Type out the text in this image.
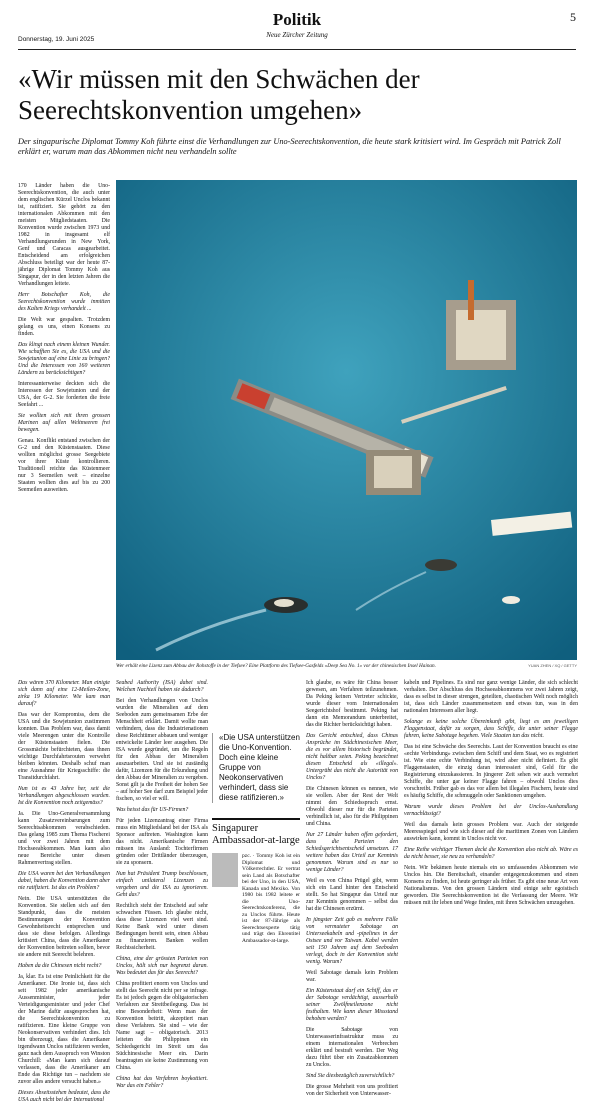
Donnerstag, 19. Juni 2025
Politik
Neue Zürcher Zeitung
5
«Wir müssen mit den Schwächen der Seerechtskonvention umgehen»
Der singapurische Diplomat Tommy Koh führte einst die Verhandlungen zur Uno-Seerechtskonvention, die heute stark kritisiert wird. Im Gespräch mit Patrick Zoll erklärt er, warum man das Abkommen nicht neu verhandeln sollte

170 Länder haben die Uno-Seerechtskonvention, die auch unter dem englischen Kürzel Unclos bekannt ist, ratifiziert. Sie gehört zu den internationalen Abkommen mit den meisten Mitgliedstaaten. Die Konvention wurde zwischen 1973 und 1982 in insgesamt elf Verhandlungsrunden in New York, Genf und Caracas ausgearbeitet. Entscheidend am erfolgreichen Abschluss beteiligt war der heute 87-jährige Diplomat Tommy Koh aus Singapur, der in den letzten Jahren die Verhandlungen leitete.

Herr Botschafter Koh, die Seerechtskonvention wurde inmitten des Kalten Kriegs verhandelt ...

Die Welt war gespalten. Trotzdem gelang es uns, einen Konsens zu finden.

Das klingt nach einem kleinen Wunder. Wie schafften Sie es, die USA und die Sowjetunion auf eine Linie zu bringen? Und die Interessen von 160 weiteren Ländern zu berücksichtigen?

Interessanterweise deckten sich die Interessen der Sowjetunion und der USA, der G-2. Sie forderten die freie Seefahrt ...

Sie wollten sich mit ihren grossen Marinen auf allen Weltmeeren frei bewegen.

Genau. Konflikt entstand zwischen der G-2 und den Küstenstaaten. Diese wollten möglichst grosse Seegebiete vor ihrer Küste kontrollieren. Traditionell reichte das Küstenmeer nur 3 Seemeilen weit – einzelne Staaten wollten dies auf bis zu 200 Seemeilen ausweiten.

Wer erhält eine Lizenz zum Abbau der Rohstoffe in der Tiefsee? Eine Plattform des Tiefsee-Gasfelds «Deep Sea No. 1» vor der chinesischen Insel Hainan.	YUAN ZHEN / XQ / GETTY

Das wären 370 Kilometer. Man einigte sich dann auf eine 12-Meilen-Zone, zirka 19 Kilometer. Wie kam man darauf?

Das war der Kompromiss, dem die USA und die Sowjetunion zustimmen konnten. Das Problem war, dass damit viele Meerengen unter die Kontrolle der Küstenstaaten fielen. Die Grossmächte befürchteten, dass ihnen wichtige Durchfahrtsrouten verwehrt bleiben könnten. Deshalb schuf man eine Ausnahme für Kriegsschiffe: die Transitdurchfahrt.

Nun ist es 43 Jahre her, seit die Verhandlungen abgeschlossen wurden. Ist die Konvention noch zeitgemäss?

Ja. Die Uno-Generalversammlung kann Zusatzvereinbarungen zum Seerechtsabkommen verabschieden. Das gelang 1985 zum Thema Fischerei und vor zwei Jahren mit dem Hochseeabkommen. Man kann also neue Bereiche unter diesen Rahmenvertrag stellen.

Die USA waren bei den Verhandlungen dabei, haben die Konvention dann aber nie ratifiziert. Ist das ein Problem?

Nein. Die USA unterstützten die Konvention. Sie stellen sich auf den Standpunkt, dass die meisten Bestimmungen der Konvention Gewohnheitsrecht entsprechen und dass sie diese befolgen. Allerdings kritisiert China, dass die Amerikaner der Konvention beitreten sollten, bevor sie andere mit Seerecht belehren.

Haben da die Chinesen nicht recht?

Ja, klar. Es ist eine Peinlichkeit für die Amerikaner. Die Ironie ist, dass sich seit 1982 jeder amerikanische Aussenminister, jeder Verteidigungsminister und jeder Chef der Marine dafür ausgesprochen hat, die Seerechtskonvention zu ratifizieren. Eine kleine Gruppe von Neokonservativen verhindert dies. Ich bin überzeugt, dass die Amerikaner irgendwann Unclos ratifizieren werden, ganz nach dem Ausspruch von Winston Churchill: «Man kann sich darauf verlassen, dass die Amerikaner am Ende das Richtige tun – nachdem sie zuvor alles andere versucht haben.»

Dieses Abseitsstehen bedeutet, dass die USA auch nicht bei der International

Seabed Authority (ISA) dabei sind. Welchen Nachteil haben sie dadurch?

Bei den Verhandlungen von Unclos wurden die Mineralien auf dem Seeboden zum gemeinsamen Erbe der Menschheit erklärt. Damit wollte man verhindern, dass die Industrienationen diese Reichtümer abbauen und weniger entwickelte Länder leer ausgehen. Die ISA wurde gegründet, um die Regeln für den Abbau der Mineralien auszuarbeiten. Und sie ist zuständig dafür, Lizenzen für die Erkundung und den Abbau der Mineralien zu vergeben. Sonst gilt ja die Freiheit der hohen See – auf hoher See darf zum Beispiel jeder fischen, so viel er will.

Was heisst das für US-Firmen?

Für jeden Lizenzantrag einer Firma muss ein Mitgliedsland bei der ISA als Sponsor auftreten. Washington kann das nicht. Amerikanische Firmen müssen ins Ausland: Tochterfirmen gründen oder Drittländer überzeugen, sie zu sponsern.

Nun hat Präsident Trump beschlossen, einfach unilateral Lizenzen zu vergeben und die ISA zu ignorieren. Geht das?

Rechtlich steht der Entscheid auf sehr schwachen Füssen. Ich glaube nicht, dass diese Lizenzen viel wert sind. Keine Bank wird unter diesen Bedingungen bereit sein, einen Abbau zu finanzieren. Banken wollen Rechtssicherheit.

China, eine der grössten Parteien von Unclos, hält sich nur begrenzt daran. Was bedeutet das für das Seerecht?

China profitiert enorm von Unclos und stellt das Seerecht nicht per se infrage. Es ist jedoch gegen die obligatorischen Verfahren zur Streitbeilegung. Das ist eine Besonderheit: Wenn man der Konvention beitritt, akzeptiert man diese Verfahren. Sie sind – wie der Name sagt – obligatorisch. 2013 leiteten die Philippinen ein Schiedsgericht im Streit um das Südchinesische Meer ein. Darin beantragten sie keine Zustimmung von China.

China hat das Verfahren boykottiert. War das ein Fehler?

«Die USA unterstützen die Uno-Konvention. Doch eine kleine Gruppe von Neokonservativen verhindert, dass sie diese ratifizieren.»
Singapurer Ambassador-at-large
pzc. · Tommy Koh ist ein Diplomat und Völkerrechtler. Er vertrat sein Land als Botschafter bei der Uno, in den USA, Kanada und Mexiko. Von 1980 bis 1982 leitete er die Uno-Seerechtskonferenz, die zu Unclos führte. Heute ist der 87-Jährige als Seerechtsexperte tätig und trägt den Ehrentitel Ambassador-at-large.

Ich glaube, es wäre für China besser gewesen, am Verfahren teilzunehmen. Da Peking keinen Vertreter schickte, wurde dieser vom Internationalen Seegerichtshof bestimmt. Peking hat dann ein Memorandum unterbreitet, das die Richter berücksichtigt haben.

Das Gericht entschied, dass Chinas Ansprüche im Südchinesischen Meer, die es vor allem historisch begründet, nicht haltbar seien. Peking bezeichnet diesen Entscheid als «illegal». Untergräbt das nicht die Autorität von Unclos?

Die Chinesen können es nennen, wie sie wollen. Aber der Rest der Welt nimmt den Schiedsspruch ernst. Obwohl dieser nur für die Parteien verbindlich ist, also für die Philippinen und China.

Nur 27 Länder haben offen gefordert, dass die Parteien den Schiedsgerichtsentscheid umsetzen. 17 weitere haben das Urteil zur Kenntnis genommen. Warum sind es nur so wenige Länder?

Weil es von China Prügel gibt, wenn sich ein Land hinter den Entscheid stellt. So hat Singapur das Urteil nur zur Kenntnis genommen – selbst das hat die Chinesen erzürnt.

In jüngster Zeit gab es mehrere Fälle von vermuteter Sabotage an Unterseekabeln und -pipelines in der Ostsee und vor Taiwan. Kabel werden seit 150 Jahren auf dem Seeboden verlegt, doch in der Konvention steht wenig. Warum?

Weil Sabotage damals kein Problem war.

Ein Küstenstaat darf ein Schiff, das er der Sabotage verdächtigt, ausserhalb seiner Zwölfmeilenzone nicht festhalten. Wie kann dieser Missstand behoben werden?

Die Sabotage von Unterwasserinfrastruktur muss zu einem internationalen Verbrechen erklärt und bestraft werden. Der Weg dazu führt über ein Zusatzabkommen zu Unclos.

Sind Sie diesbezüglich zuversichtlich?

Die grosse Mehrheit von uns profitiert von der Sicherheit von Unterwasser-

kabeln und Pipelines. Es sind nur ganz wenige Länder, die sich schlecht verhalten. Der Abschluss des Hochseeabkommens vor zwei Jahren zeigt, dass es selbst in dieser strengen, geteilten, chaotischen Welt noch möglich ist, dass sich Länder zusammensetzen und etwas tun, was in den nationalen Interessen aller liegt.

Solange es keine solche Übereinkunft gibt, liegt es am jeweiligen Flaggenstaat, dafür zu sorgen, dass Schiffe, die unter seiner Flagge fahren, keine Sabotage begehen. Viele Staaten tun das nicht.

Das ist eine Schwäche des Seerechts. Laut der Konvention braucht es eine «echte Verbindung» zwischen dem Schiff und dem Staat, wo es registriert ist. Wie eine echte Verbindung ist, wird aber nicht definiert. Es gibt Flaggenstaaten, die einzig daran interessiert sind, Geld für die Registrierung einzukassieren. In jüngerer Zeit sehen wir auch vermehrt Schiffe, die unter gar keiner Flagge fahren – obwohl Unclos dies vorschreibt. Früher gab es das vor allem bei illegalen Fischern, heute sind es häufig Schiffe, die schmuggeln oder Sanktionen umgehen.

Warum wurde dieses Problem bei der Unclos-Aushandlung vernachlässigt?

Weil das damals kein grosses Problem war. Auch der steigende Meeresspiegel und wie sich dieser auf die maritimen Zonen von Ländern auswirken kann, kommt in Unclos nicht vor.

Eine Reihe wichtiger Themen deckt die Konvention also nicht ab. Wäre es da nicht besser, sie neu zu verhandeln?

Nein. Wir bekämen heute niemals ein so umfassendes Abkommen wie Unclos hin. Die Bereitschaft, einander entgegenzukommen und einen Konsens zu finden, ist heute geringer als früher. Es gibt eine neue Art von Nationalismus. Von den grossen Ländern sind einige sehr egoistisch geworden. Die Seerechtskonvention ist die Verfassung der Meere. Wir müssen mit ihr leben und Wege finden, mit ihren Schwächen umzugehen.
